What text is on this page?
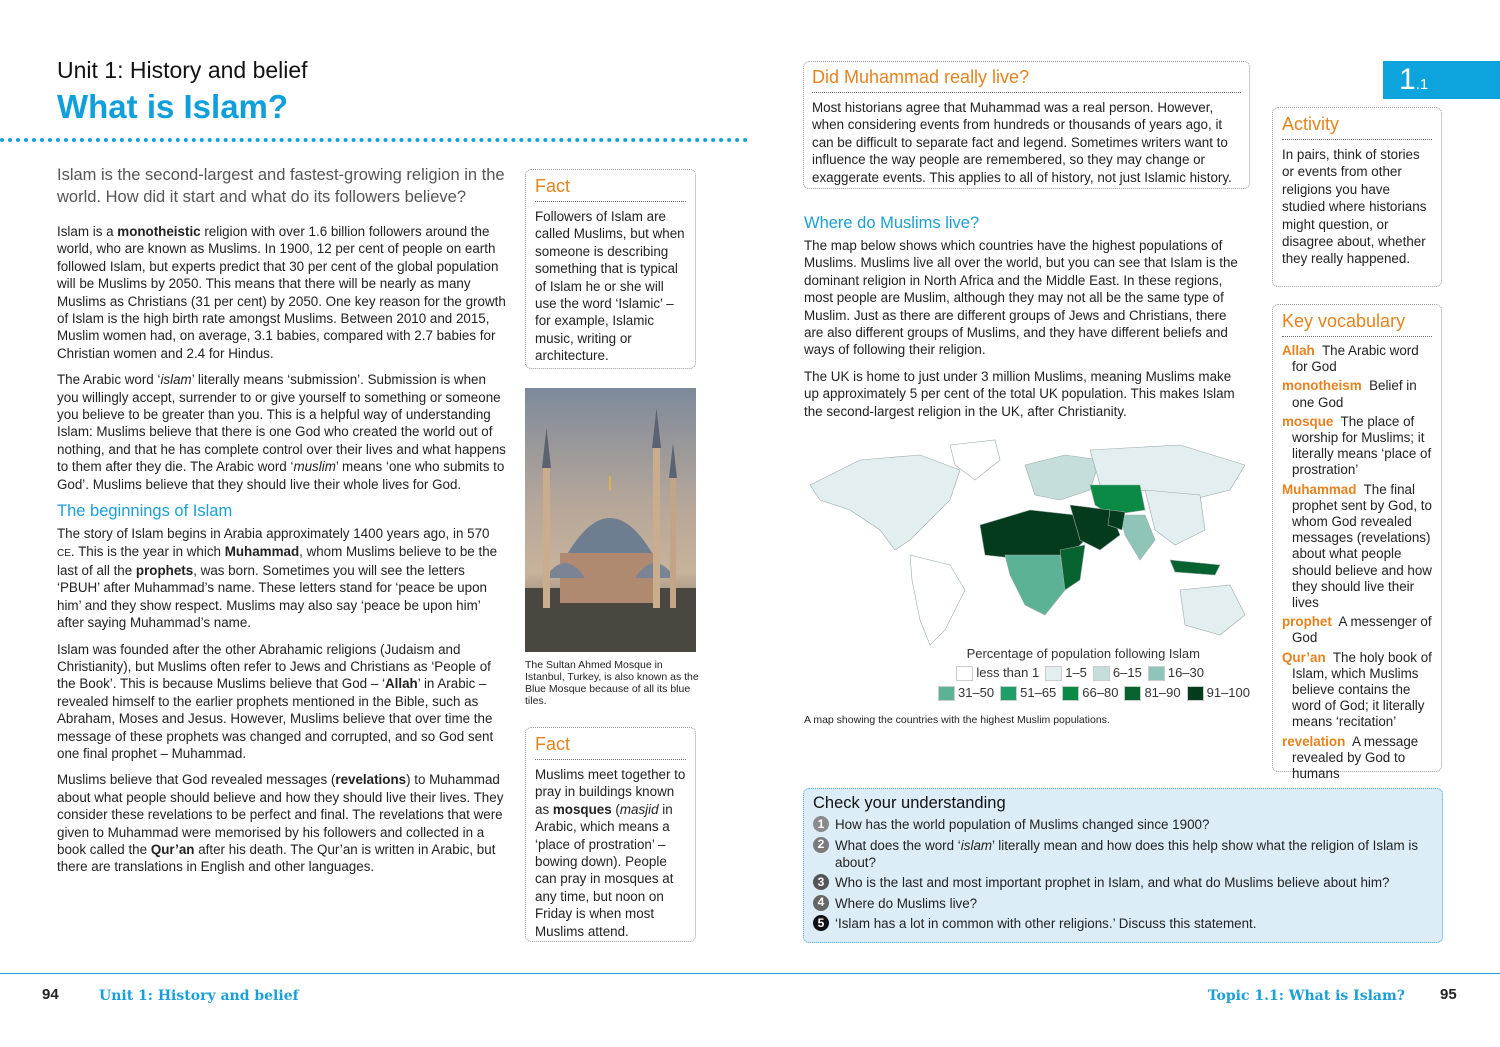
Unit 1: History and belief
What is Islam?
Islam is the second-largest and fastest-growing religion in the world. How did it start and what do its followers believe?

Islam is a monotheistic religion with over 1.6 billion followers around the world, who are known as Muslims. In 1900, 12 per cent of people on earth followed Islam, but experts predict that 30 per cent of the global population will be Muslims by 2050. This means that there will be nearly as many Muslims as Christians (31 per cent) by 2050. One key reason for the growth of Islam is the high birth rate amongst Muslims. Between 2010 and 2015, Muslim women had, on average, 3.1 babies, compared with 2.7 babies for Christian women and 2.4 for Hindus.

The Arabic word ‘islam’ literally means ‘submission’. Submission is when you willingly accept, surrender to or give yourself to something or someone you believe to be greater than you. This is a helpful way of understanding Islam: Muslims believe that there is one God who created the world out of nothing, and that he has complete control over their lives and what happens to them after they die. The Arabic word ‘muslim’ means ‘one who submits to God’. Muslims believe that they should live their whole lives for God.

The beginnings of Islam

The story of Islam begins in Arabia approximately 1400 years ago, in 570 CE. This is the year in which Muhammad, whom Muslims believe to be the last of all the prophets, was born. Sometimes you will see the letters ‘PBUH’ after Muhammad’s name. These letters stand for ‘peace be upon him’ and they show respect. Muslims may also say ‘peace be upon him’ after saying Muhammad’s name.

Islam was founded after the other Abrahamic religions (Judaism and Christianity), but Muslims often refer to Jews and Christians as ‘People of the Book’. This is because Muslims believe that God – ‘Allah’ in Arabic – revealed himself to the earlier prophets mentioned in the Bible, such as Abraham, Moses and Jesus. However, Muslims believe that over time the message of these prophets was changed and corrupted, and so God sent one final prophet – Muhammad.

Muslims believe that God revealed messages (revelations) to Muhammad about what people should believe and how they should live their lives. They consider these revelations to be perfect and final. The revelations that were given to Muhammad were memorised by his followers and collected in a book called the Qur’an after his death. The Qur’an is written in Arabic, but there are translations in English and other languages.

Fact

Followers of Islam are called Muslims, but when someone is describing something that is typical of Islam he or she will use the word ‘Islamic’ – for example, Islamic music, writing or architecture.

The Sultan Ahmed Mosque in Istanbul, Turkey, is also known as the Blue Mosque because of all its blue tiles.
Fact

Muslims meet together to pray in buildings known as mosques (masjid in Arabic, which means a ‘place of prostration’ – bowing down). People can pray in mosques at any time, but noon on Friday is when most Muslims attend.

Did Muhammad really live?

Most historians agree that Muhammad was a real person. However, when considering events from hundreds or thousands of years ago, it can be difficult to separate fact and legend. Sometimes writers want to influence the way people are remembered, so they may change or exaggerate events. This applies to all of history, not just Islamic history.

Where do Muslims live?

The map below shows which countries have the highest populations of Muslims. Muslims live all over the world, but you can see that Islam is the dominant religion in North Africa and the Middle East. In these regions, most people are Muslim, although they may not all be the same type of Muslim. Just as there are different groups of Jews and Christians, there are also different groups of Muslims, and they have different beliefs and ways of following their religion.

The UK is home to just under 3 million Muslims, meaning Muslims make up approximately 5 per cent of the total UK population. This makes Islam the second-largest religion in the UK, after Christianity.

Percentage of population following Islam
less than 1	1–5	6–15	16–30
31–50	51–65	66–80	81–90	91–100
A map showing the countries with the highest Muslim populations.
1.1
Activity

In pairs, think of stories or events from other religions you have studied where historians might question, or disagree about, whether they really happened.

Key vocabulary

Allah The Arabic word for God

monotheism Belief in one God

mosque The place of worship for Muslims; it literally means ‘place of prostration’

Muhammad The final prophet sent by God, to whom God revealed messages (revelations) about what people should believe and how they should live their lives

prophet A messenger of God

Qur’an The holy book of Islam, which Muslims believe contains the word of God; it literally means ‘recitation’

revelation A message revealed by God to humans

Check your understanding
1 How has the world population of Muslims changed since 1900?
2 What does the word ‘islam’ literally mean and how does this help show what the religion of Islam is about?
3 Who is the last and most important prophet in Islam, and what do Muslims believe about him?
4 Where do Muslims live?
5 ‘Islam has a lot in common with other religions.’ Discuss this statement.
94	Unit 1: History and belief	Topic 1.1: What is Islam? 95
